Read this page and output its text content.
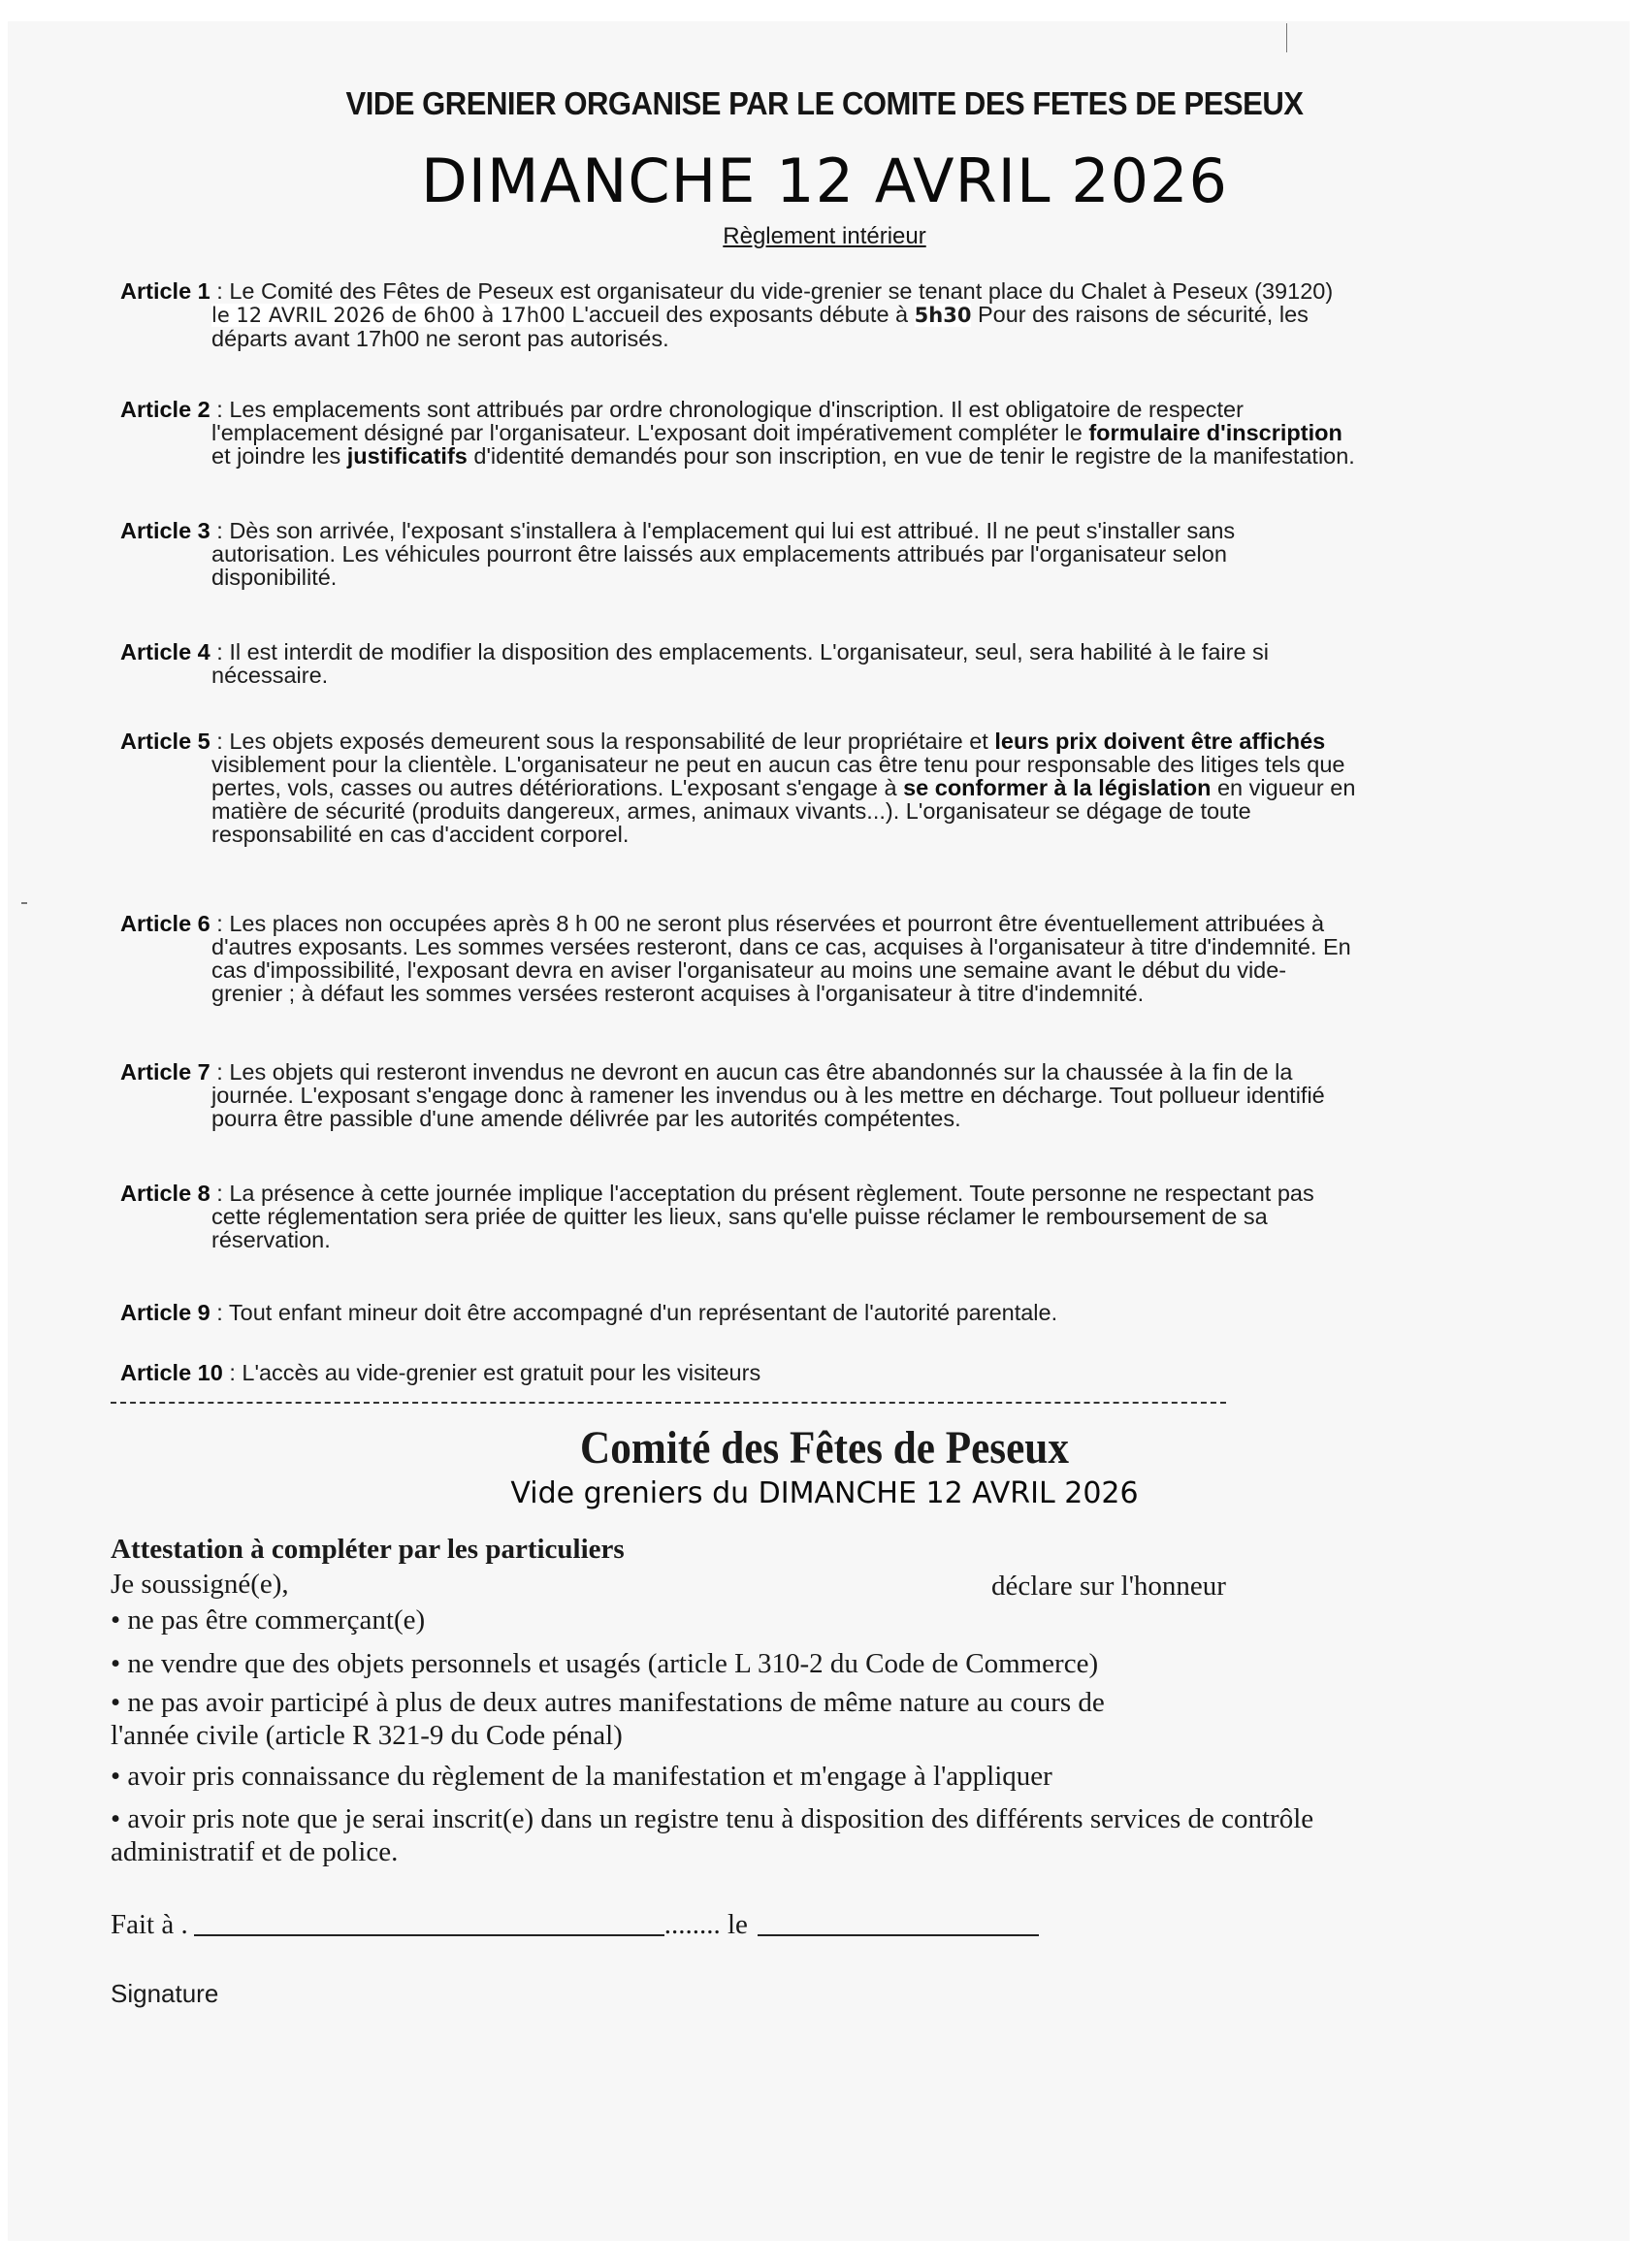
VIDE GRENIER ORGANISE PAR LE COMITE DES FETES DE PESEUX
DIMANCHE 12 AVRIL 2026
Règlement intérieur
Article 1 : Le Comité des Fêtes de Peseux est organisateur du vide-grenier se tenant place du Chalet à Peseux (39120)
le 12 AVRIL 2026 de 6h00 à 17h00 L'accueil des exposants débute à 5h30 Pour des raisons de sécurité, les
départs avant 17h00 ne seront pas autorisés.
Article 2 : Les emplacements sont attribués par ordre chronologique d'inscription. Il est obligatoire de respecter
l'emplacement désigné par l'organisateur. L'exposant doit impérativement compléter le formulaire d'inscription
et joindre les justificatifs d'identité demandés pour son inscription, en vue de tenir le registre de la manifestation.
Article 3 : Dès son arrivée, l'exposant s'installera à l'emplacement qui lui est attribué. Il ne peut s'installer sans
autorisation. Les véhicules pourront être laissés aux emplacements attribués par l'organisateur selon
disponibilité.
Article 4 : Il est interdit de modifier la disposition des emplacements. L'organisateur, seul, sera habilité à le faire si
nécessaire.
Article 5 : Les objets exposés demeurent sous la responsabilité de leur propriétaire et leurs prix doivent être affichés
visiblement pour la clientèle. L'organisateur ne peut en aucun cas être tenu pour responsable des litiges tels que
pertes, vols, casses ou autres détériorations. L'exposant s'engage à se conformer à la législation en vigueur en
matière de sécurité (produits dangereux, armes, animaux vivants...). L'organisateur se dégage de toute
responsabilité en cas d'accident corporel.
Article 6 : Les places non occupées après 8 h 00 ne seront plus réservées et pourront être éventuellement attribuées à
d'autres exposants. Les sommes versées resteront, dans ce cas, acquises à l'organisateur à titre d'indemnité. En
cas d'impossibilité, l'exposant devra en aviser l'organisateur au moins une semaine avant le début du vide-
grenier ; à défaut les sommes versées resteront acquises à l'organisateur à titre d'indemnité.
Article 7 : Les objets qui resteront invendus ne devront en aucun cas être abandonnés sur la chaussée à la fin de la
journée. L'exposant s'engage donc à ramener les invendus ou à les mettre en décharge. Tout pollueur identifié
pourra être passible d'une amende délivrée par les autorités compétentes.
Article 8 : La présence à cette journée implique l'acceptation du présent règlement. Toute personne ne respectant pas
cette réglementation sera priée de quitter les lieux, sans qu'elle puisse réclamer le remboursement de sa
réservation.
Article 9 : Tout enfant mineur doit être accompagné d'un représentant de l'autorité parentale.
Article 10 : L'accès au vide-grenier est gratuit pour les visiteurs
Comité des Fêtes de Peseux
Vide greniers du DIMANCHE 12 AVRIL 2026
Attestation à compléter par les particuliers
Je soussigné(e),	déclare sur l'honneur
• ne pas être commerçant(e)
• ne vendre que des objets personnels et usagés (article L 310-2 du Code de Commerce)
• ne pas avoir participé à plus de deux autres manifestations de même nature au cours de
l'année civile (article R 321-9 du Code pénal)
• avoir pris connaissance du règlement de la manifestation et m'engage à l'appliquer
• avoir pris note que je serai inscrit(e) dans un registre tenu à disposition des différents services de contrôle
administratif et de police.
Fait à .	........ le
Signature
